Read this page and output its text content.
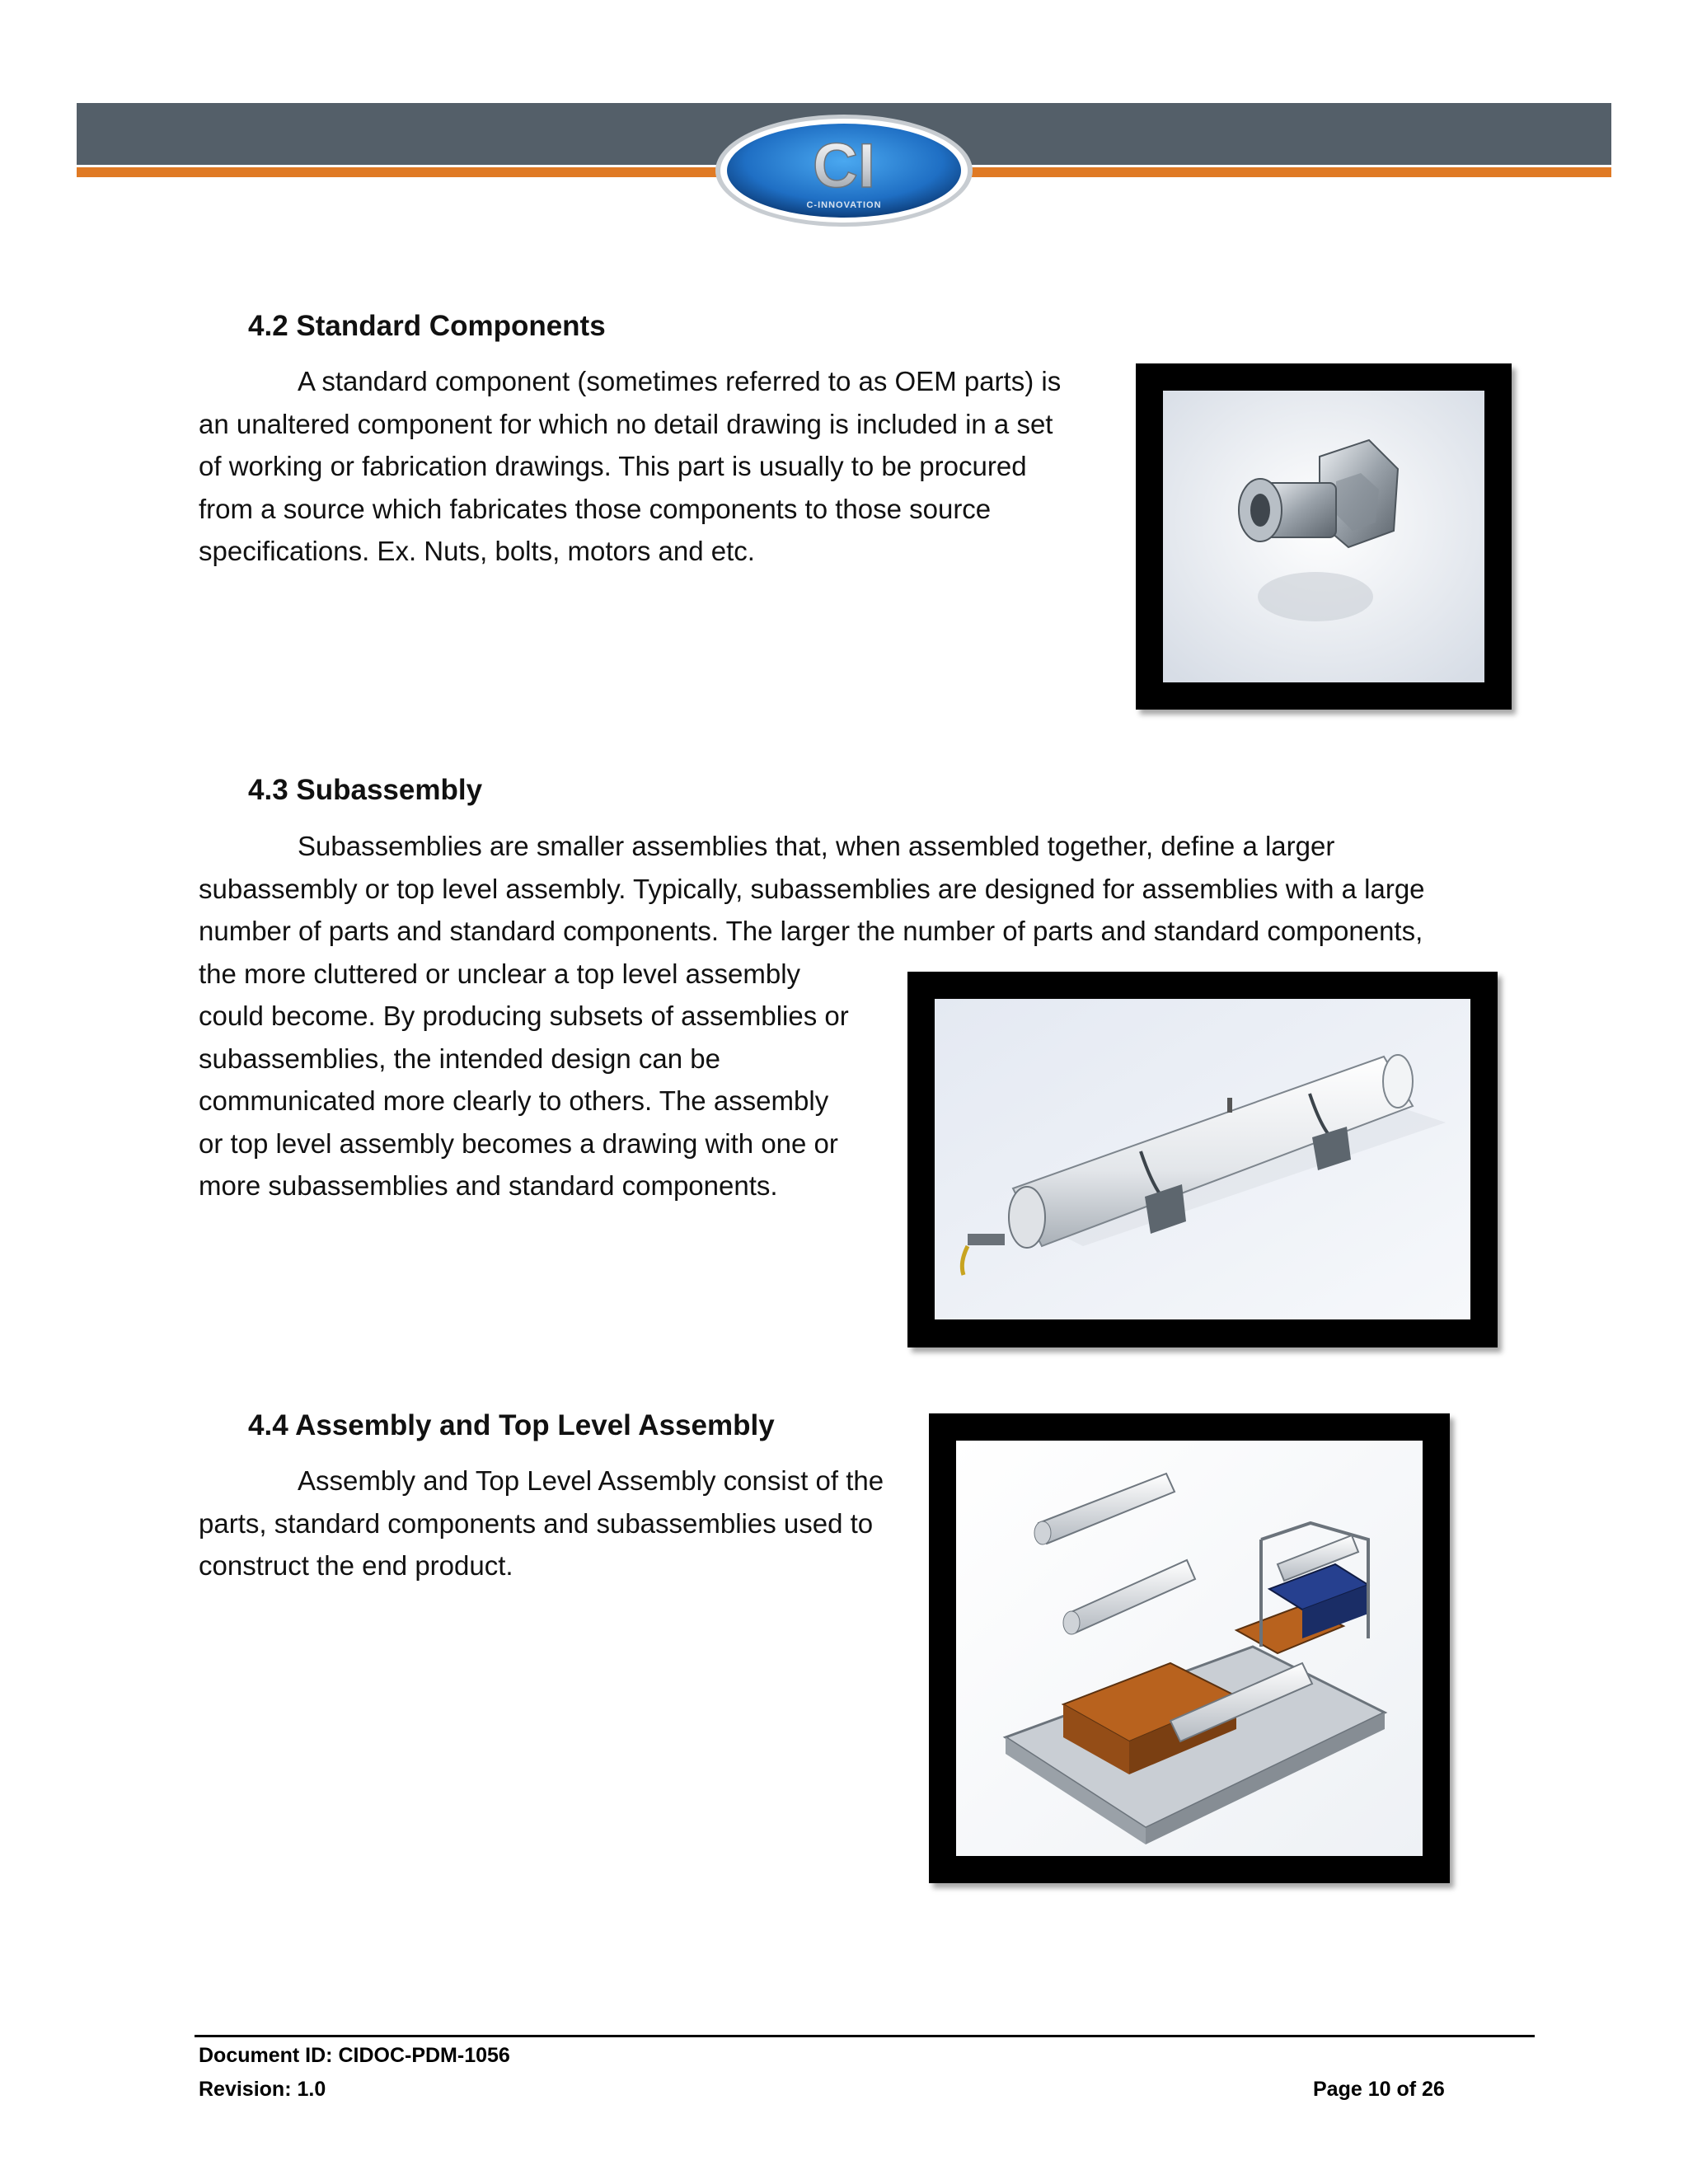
CI
C-INNOVATION
4.2 Standard Components
A standard component (sometimes referred to as OEM parts) is
an unaltered component for which no detail drawing is included in a set
of working or fabrication drawings. This part is usually to be procured
from a source which fabricates those components to those source
specifications. Ex. Nuts, bolts, motors and etc.
4.3 Subassembly
Subassemblies are smaller assemblies that, when assembled together, define a larger
subassembly or top level assembly. Typically, subassemblies are designed for assemblies with a large
number of parts and standard components. The larger the number of parts and standard components,
the more cluttered or unclear a top level assembly
could become. By producing subsets of assemblies or
subassemblies, the intended design can be
communicated more clearly to others. The assembly
or top level assembly becomes a drawing with one or
more subassemblies and standard components.
4.4 Assembly and Top Level Assembly
Assembly and Top Level Assembly consist of the
parts, standard components and subassemblies used to
construct the end product.

Document ID: CIDOC-PDM-1056

Revision: 1.0	Page 10 of 26
